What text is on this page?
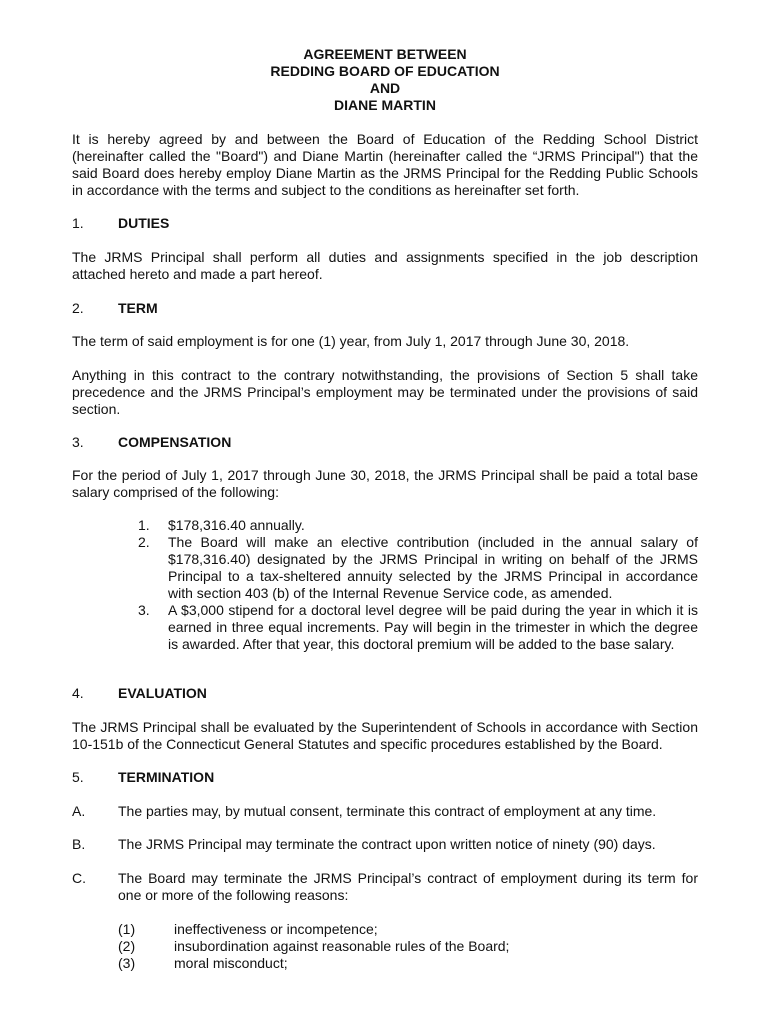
AGREEMENT BETWEEN
REDDING BOARD OF EDUCATION
AND
DIANE MARTIN
It is hereby agreed by and between the Board of Education of the Redding School District (hereinafter called the "Board") and Diane Martin (hereinafter called the “JRMS Principal") that the said Board does hereby employ Diane Martin as the JRMS Principal for the Redding Public Schools in accordance with the terms and subject to the conditions as hereinafter set forth.
1. DUTIES
The JRMS Principal shall perform all duties and assignments specified in the job description attached hereto and made a part hereof.
2. TERM
The term of said employment is for one (1) year, from July 1, 2017 through June 30, 2018.
Anything in this contract to the contrary notwithstanding, the provisions of Section 5 shall take precedence and the JRMS Principal’s employment may be terminated under the provisions of said section.
3. COMPENSATION
For the period of July 1, 2017 through June 30, 2018, the JRMS Principal shall be paid a total base salary comprised of the following:
1. $178,316.40 annually.
2. The Board will make an elective contribution (included in the annual salary of $178,316.40) designated by the JRMS Principal in writing on behalf of the JRMS Principal to a tax-sheltered annuity selected by the JRMS Principal in accordance with section 403 (b) of the Internal Revenue Service code, as amended.
3. A $3,000 stipend for a doctoral level degree will be paid during the year in which it is earned in three equal increments. Pay will begin in the trimester in which the degree is awarded. After that year, this doctoral premium will be added to the base salary.
4. EVALUATION
The JRMS Principal shall be evaluated by the Superintendent of Schools in accordance with Section 10-151b of the Connecticut General Statutes and specific procedures established by the Board.
5. TERMINATION
A. The parties may, by mutual consent, terminate this contract of employment at any time.
B. The JRMS Principal may terminate the contract upon written notice of ninety (90) days.
C. The Board may terminate the JRMS Principal’s contract of employment during its term for one or more of the following reasons:
(1)	ineffectiveness or incompetence;
(2)	insubordination against reasonable rules of the Board;
(3)	moral misconduct;
